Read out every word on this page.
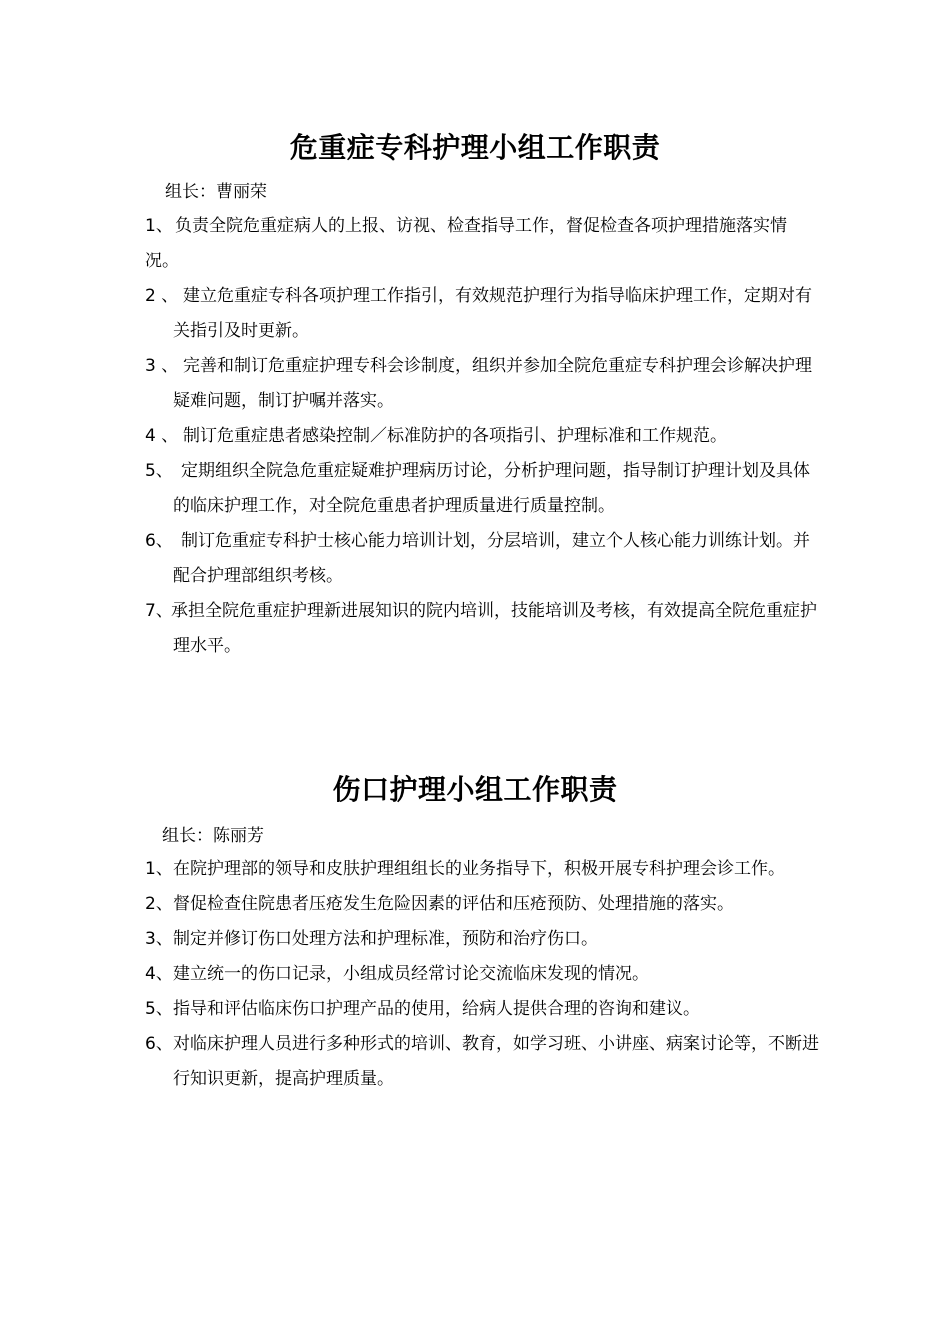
危重症专科护理小组工作职责

组长：曹丽荣

1、 负责全院危重症病人的上报、访视、检查指导工作，督促检查各项护理措施落实情况。
2 、 建立危重症专科各项护理工作指引，有效规范护理行为指导临床护理工作，定期对有关指引及时更新。
3 、 完善和制订危重症护理专科会诊制度，组织并参加全院危重症专科护理会诊解决护理疑难问题，制订护嘱并落实。
4 、 制订危重症患者感染控制／标准防护的各项指引、护理标准和工作规范。
5、 定期组织全院急危重症疑难护理病历讨论，分析护理问题，指导制订护理计划及具体的临床护理工作，对全院危重患者护理质量进行质量控制。
6、 制订危重症专科护士核心能力培训计划，分层培训，建立个人核心能力训练计划。并配合护理部组织考核。
7、
承担全院危重症护理新进展知识的院内培训，技能培训及考核，有效提高全院危重症护理水平。
伤口护理小组工作职责

组长：陈丽芳

1、 在院护理部的领导和皮肤护理组组长的业务指导下，积极开展专科护理会诊工作。
2、 督促检查住院患者压疮发生危险因素的评估和压疮预防、处理措施的落实。
3、 制定并修订伤口处理方法和护理标准，预防和治疗伤口。
4、 建立统一的伤口记录，小组成员经常讨论交流临床发现的情况。
5、 指导和评估临床伤口护理产品的使用，给病人提供合理的咨询和建议。
6、 对临床护理人员进行多种形式的培训、教育，如学习班、小讲座、病案讨论等，不断进行知识更新，提高护理质量。
